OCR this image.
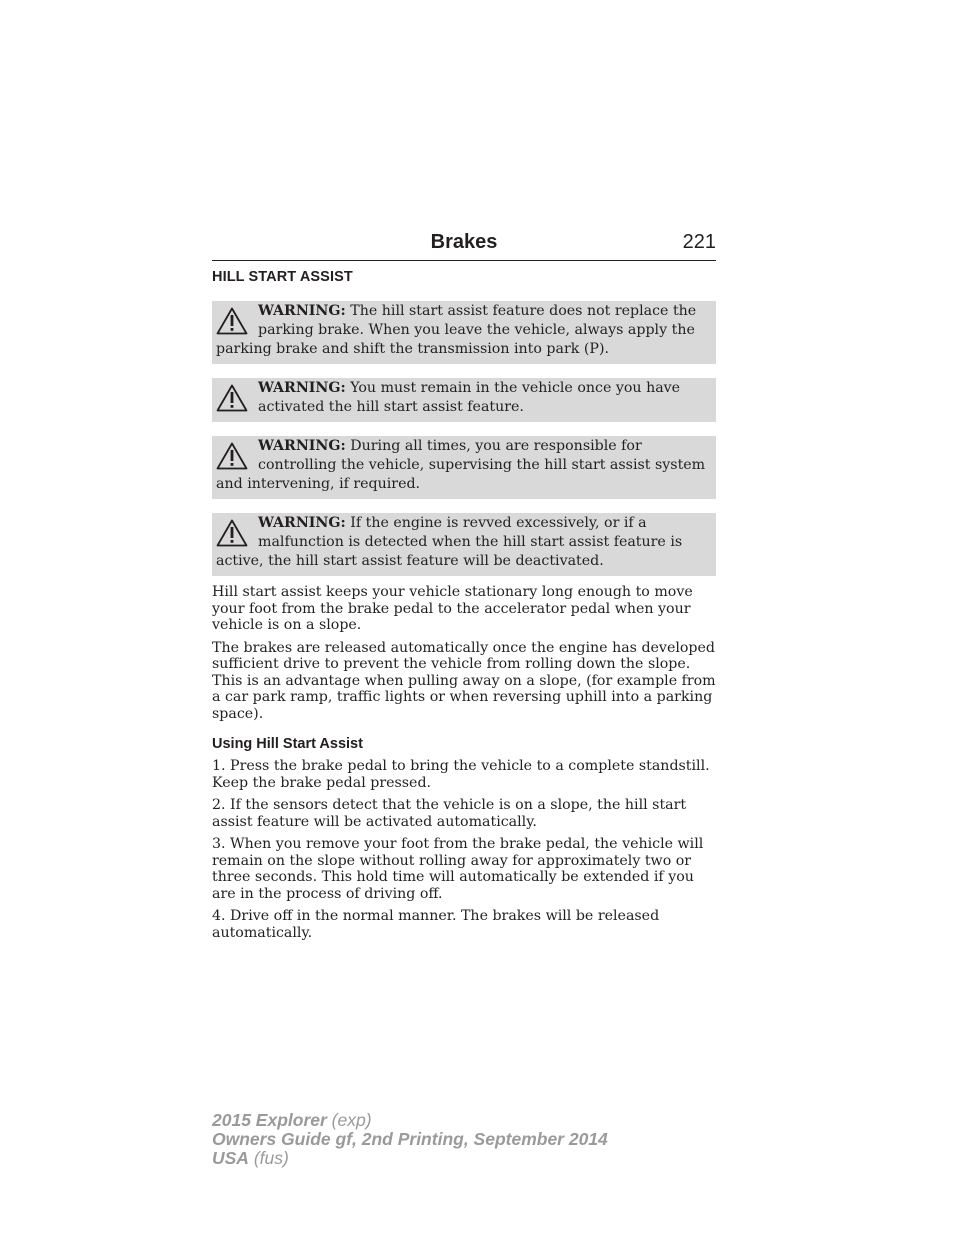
Brakes	221
HILL START ASSIST
WARNING: The hill start assist feature does not replace the parking brake. When you leave the vehicle, always apply the parking brake and shift the transmission into park (P).
WARNING: You must remain in the vehicle once you have activated the hill start assist feature.
WARNING: During all times, you are responsible for controlling the vehicle, supervising the hill start assist system and intervening, if required.
WARNING: If the engine is revved excessively, or if a malfunction is detected when the hill start assist feature is active, the hill start assist feature will be deactivated.

Hill start assist keeps your vehicle stationary long enough to move your foot from the brake pedal to the accelerator pedal when your vehicle is on a slope.

The brakes are released automatically once the engine has developed sufficient drive to prevent the vehicle from rolling down the slope. This is an advantage when pulling away on a slope, (for example from a car park ramp, traffic lights or when reversing uphill into a parking space).

Using Hill Start Assist

1. Press the brake pedal to bring the vehicle to a complete standstill. Keep the brake pedal pressed.

2. If the sensors detect that the vehicle is on a slope, the hill start assist feature will be activated automatically.

3. When you remove your foot from the brake pedal, the vehicle will remain on the slope without rolling away for approximately two or three seconds. This hold time will automatically be extended if you are in the process of driving off.

4. Drive off in the normal manner. The brakes will be released automatically.

2015 Explorer (exp)
Owners Guide gf, 2nd Printing, September 2014
USA (fus)
